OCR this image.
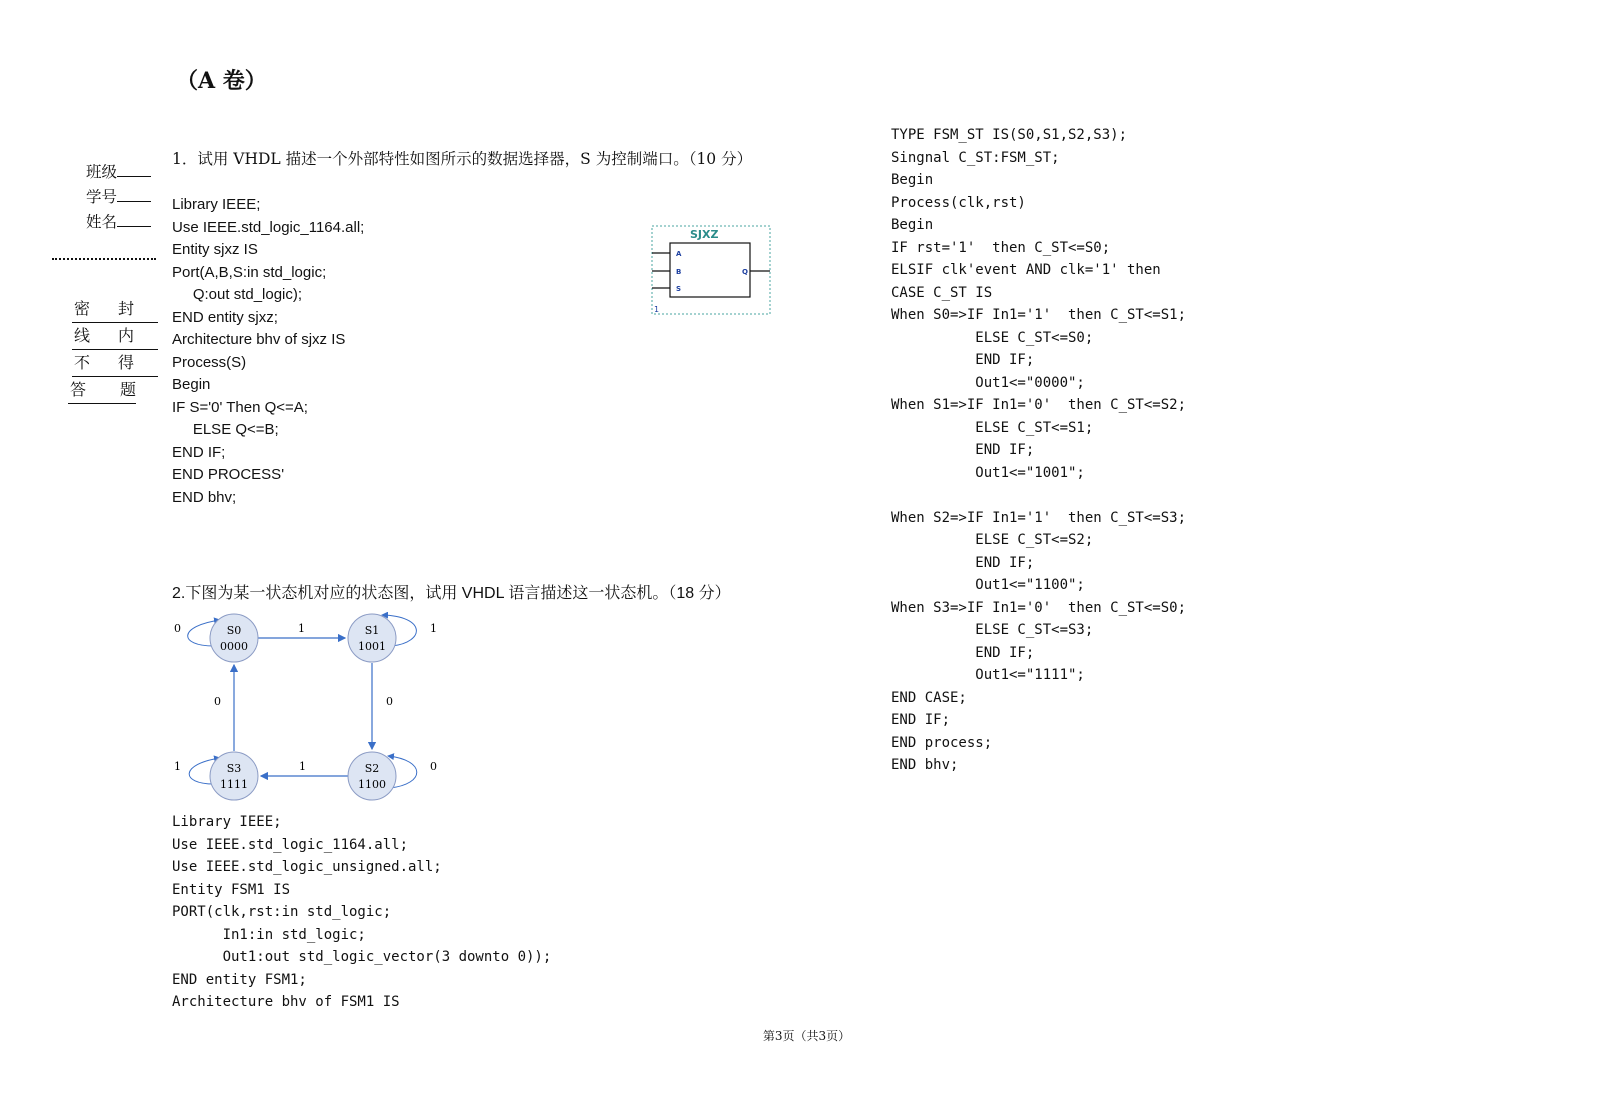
（A 卷）
班级
学号
姓名
密 封
线 内
不 得
答 题
1．试用 VHDL 描述一个外部特性如图所示的数据选择器，S 为控制端口。（10 分）
Library IEEE;
Use IEEE.std_logic_1164.all;
Entity sjxz IS
Port(A,B,S:in std_logic;
Q:out std_logic);
END entity sjxz;
Architecture bhv of sjxz IS
Process(S)
Begin
IF S='0' Then Q<=A;
ELSE Q<=B;
END IF;
END PROCESS'
END bhv;
SJXZ
A
B
S
Q
1
2.下图为某一状态机对应的状态图，试用 VHDL 语言描述这一状态机。（18 分）
S0
0000
S1
1001
S2
1100
S3
1111
1
0
1
0
0	1
0
1
Library IEEE;
Use IEEE.std_logic_1164.all;
Use IEEE.std_logic_unsigned.all;
Entity FSM1 IS
PORT(clk,rst:in std_logic;
In1:in std_logic;
Out1:out std_logic_vector(3 downto 0));
END entity FSM1;
Architecture bhv of FSM1 IS
TYPE FSM_ST IS(S0,S1,S2,S3);
Singnal C_ST:FSM_ST;
Begin
Process(clk,rst)
Begin
IF rst='1'  then C_ST<=S0;
ELSIF clk'event AND clk='1' then
CASE C_ST IS
When S0=>IF In1='1'  then C_ST<=S1;
ELSE C_ST<=S0;
END IF;
Out1<="0000";
When S1=>IF In1='0'  then C_ST<=S2;
ELSE C_ST<=S1;
END IF;
Out1<="1001";
When S2=>IF In1='1'  then C_ST<=S3;
ELSE C_ST<=S2;
END IF;
Out1<="1100";
When S3=>IF In1='0'  then C_ST<=S0;
ELSE C_ST<=S3;
END IF;
Out1<="1111";
END CASE;
END IF;
END process;
END bhv;
第3页（共3页）
